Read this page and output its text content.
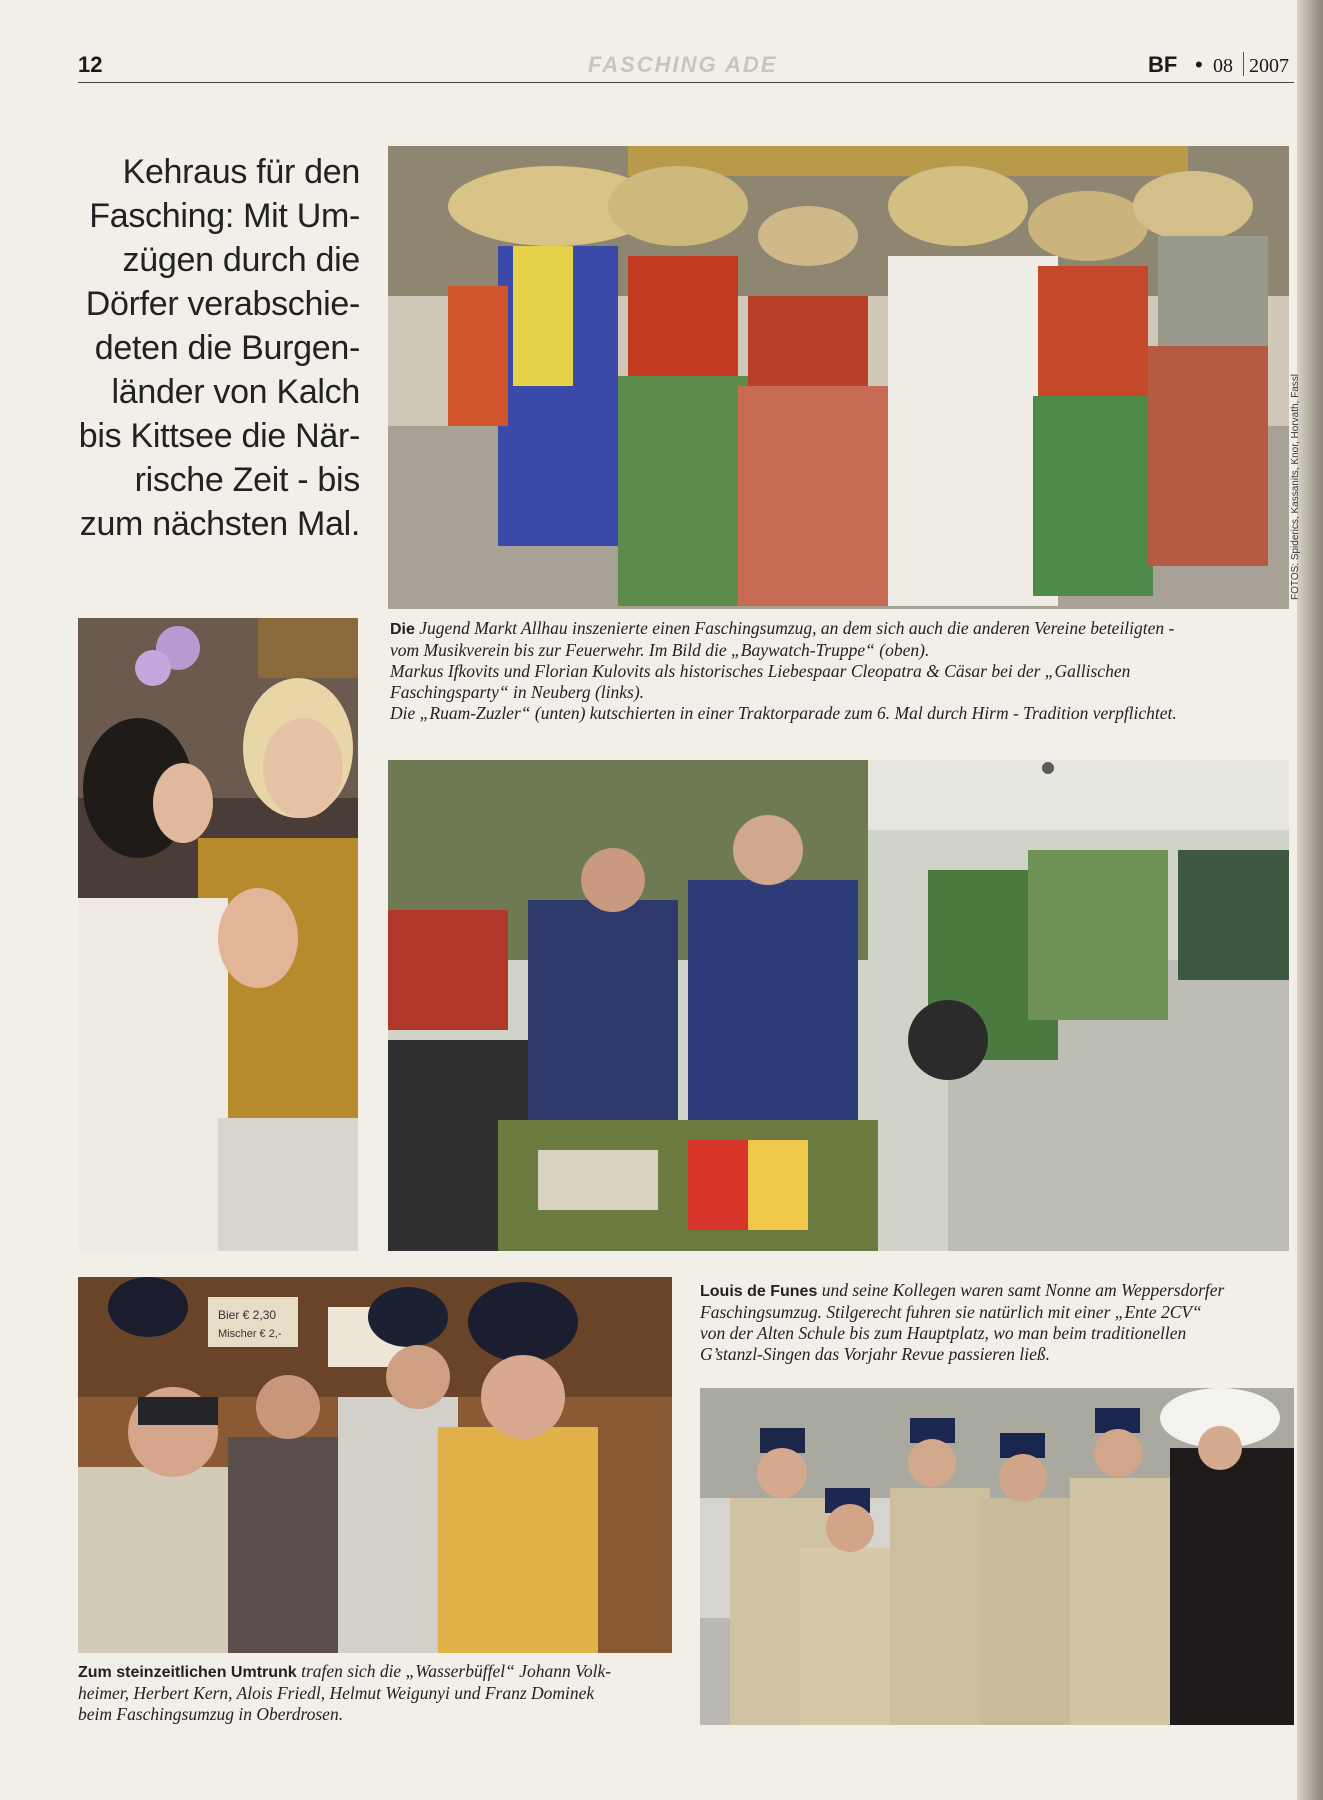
12	FASCHING ADE	BF • 08 2007
Kehraus für den
Fasching: Mit Um-
zügen durch die
Dörfer verabschie-
deten die Burgen-
länder von Kalch
bis Kittsee die När-
rische Zeit - bis
zum nächsten Mal.	FOTOS: Spiderics, Kassanits, Knor, Horvath, Fassl
Die Jugend Markt Allhau inszenierte einen Faschingsumzug, an dem sich auch die anderen Vereine beteiligten -
vom Musikverein bis zur Feuerwehr. Im Bild die „Baywatch-Truppe“ (oben).
Markus Ifkovits und Florian Kulovits als historisches Liebespaar Cleopatra & Cäsar bei der „Gallischen
Faschingsparty“ in Neuberg (links).
Die „Ruam-Zuzler“ (unten) kutschierten in einer Traktorparade zum 6. Mal durch Hirm - Tradition verpflichtet.
Bier € 2,30
Mischer € 2,-
Zum steinzeitlichen Umtrunk trafen sich die „Wasserbüffel“ Johann Volk-
heimer, Herbert Kern, Alois Friedl, Helmut Weigunyi und Franz Dominek
beim Faschingsumzug in Oberdrosen.
Louis de Funes und seine Kollegen waren samt Nonne am Weppersdorfer
Faschingsumzug. Stilgerecht fuhren sie natürlich mit einer „Ente 2CV“
von der Alten Schule bis zum Hauptplatz, wo man beim traditionellen
G’stanzl-Singen das Vorjahr Revue passieren ließ.
